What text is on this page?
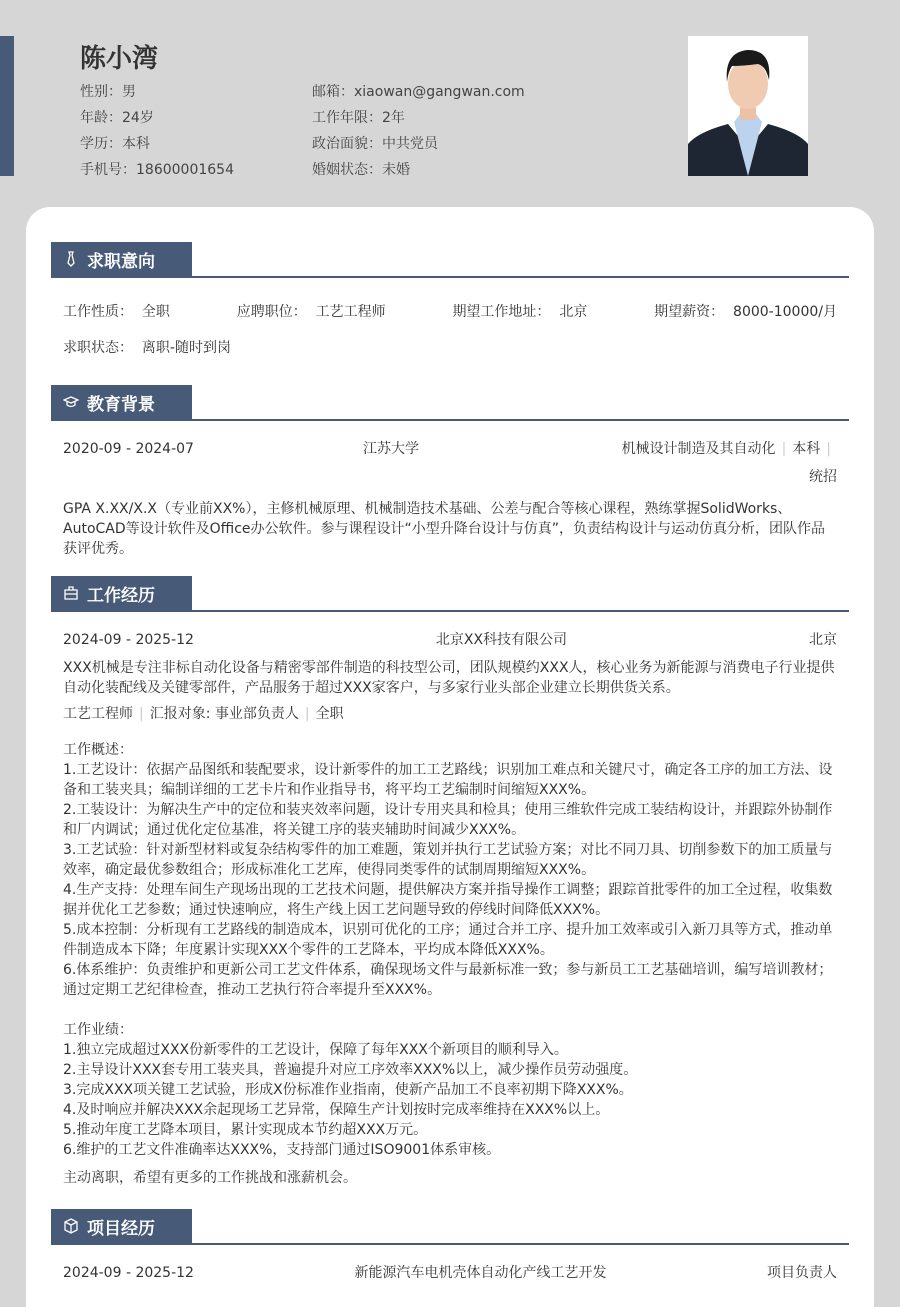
陈小湾
性别：男	邮箱：xiaowan@gangwan.com
年龄：24岁	工作年限：2年
学历：本科	政治面貌：中共党员
手机号：18600001654	婚姻状态：未婚
求职意向
工作性质：  全职	应聘职位：  工艺工程师	期望工作地址：  北京	期望薪资：  8000-10000/月
求职状态：  离职-随时到岗
教育背景
2020-09 - 2024-07	江苏大学	机械设计制造及其自动化 | 本科 |
统招
GPA X.XX/X.X（专业前XX%），主修机械原理、机械制造技术基础、公差与配合等核心课程，熟练掌握SolidWorks、AutoCAD等设计软件及Office办公软件。参与课程设计“小型升降台设计与仿真”，负责结构设计与运动仿真分析，团队作品获评优秀。
工作经历
2024-09 - 2025-12	北京XX科技有限公司	北京
XXX机械是专注非标自动化设备与精密零部件制造的科技型公司，团队规模约XXX人，核心业务为新能源与消费电子行业提供自动化装配线及关键零部件，产品服务于超过XXX家客户，与多家行业头部企业建立长期供货关系。
工艺工程师 | 汇报对象: 事业部负责人 | 全职
工作概述：
1.工艺设计：依据产品图纸和装配要求，设计新零件的加工工艺路线；识别加工难点和关键尺寸，确定各工序的加工方法、设备和工装夹具；编制详细的工艺卡片和作业指导书，将平均工艺编制时间缩短XXX%。
2.工装设计：为解决生产中的定位和装夹效率问题，设计专用夹具和检具；使用三维软件完成工装结构设计，并跟踪外协制作和厂内调试；通过优化定位基准，将关键工序的装夹辅助时间减少XXX%。
3.工艺试验：针对新型材料或复杂结构零件的加工难题，策划并执行工艺试验方案；对比不同刀具、切削参数下的加工质量与效率，确定最优参数组合；形成标准化工艺库，使得同类零件的试制周期缩短XXX%。
4.生产支持：处理车间生产现场出现的工艺技术问题，提供解决方案并指导操作工调整；跟踪首批零件的加工全过程，收集数据并优化工艺参数；通过快速响应，将生产线上因工艺问题导致的停线时间降低XXX%。
5.成本控制：分析现有工艺路线的制造成本，识别可优化的工序；通过合并工序、提升加工效率或引入新刀具等方式，推动单件制造成本下降；年度累计实现XXX个零件的工艺降本，平均成本降低XXX%。
6.体系维护：负责维护和更新公司工艺文件体系，确保现场文件与最新标准一致；参与新员工工艺基础培训，编写培训教材；通过定期工艺纪律检查，推动工艺执行符合率提升至XXX%。
工作业绩：
1.独立完成超过XXX份新零件的工艺设计，保障了每年XXX个新项目的顺利导入。
2.主导设计XXX套专用工装夹具，普遍提升对应工序效率XXX%以上，减少操作员劳动强度。
3.完成XXX项关键工艺试验，形成X份标准作业指南，使新产品加工不良率初期下降XXX%。
4.及时响应并解决XXX余起现场工艺异常，保障生产计划按时完成率维持在XXX%以上。
5.推动年度工艺降本项目，累计实现成本节约超XXX万元。
6.维护的工艺文件准确率达XXX%，支持部门通过ISO9001体系审核。
主动离职，希望有更多的工作挑战和涨薪机会。
项目经历
2024-09 - 2025-12	新能源汽车电机壳体自动化产线工艺开发	项目负责人
